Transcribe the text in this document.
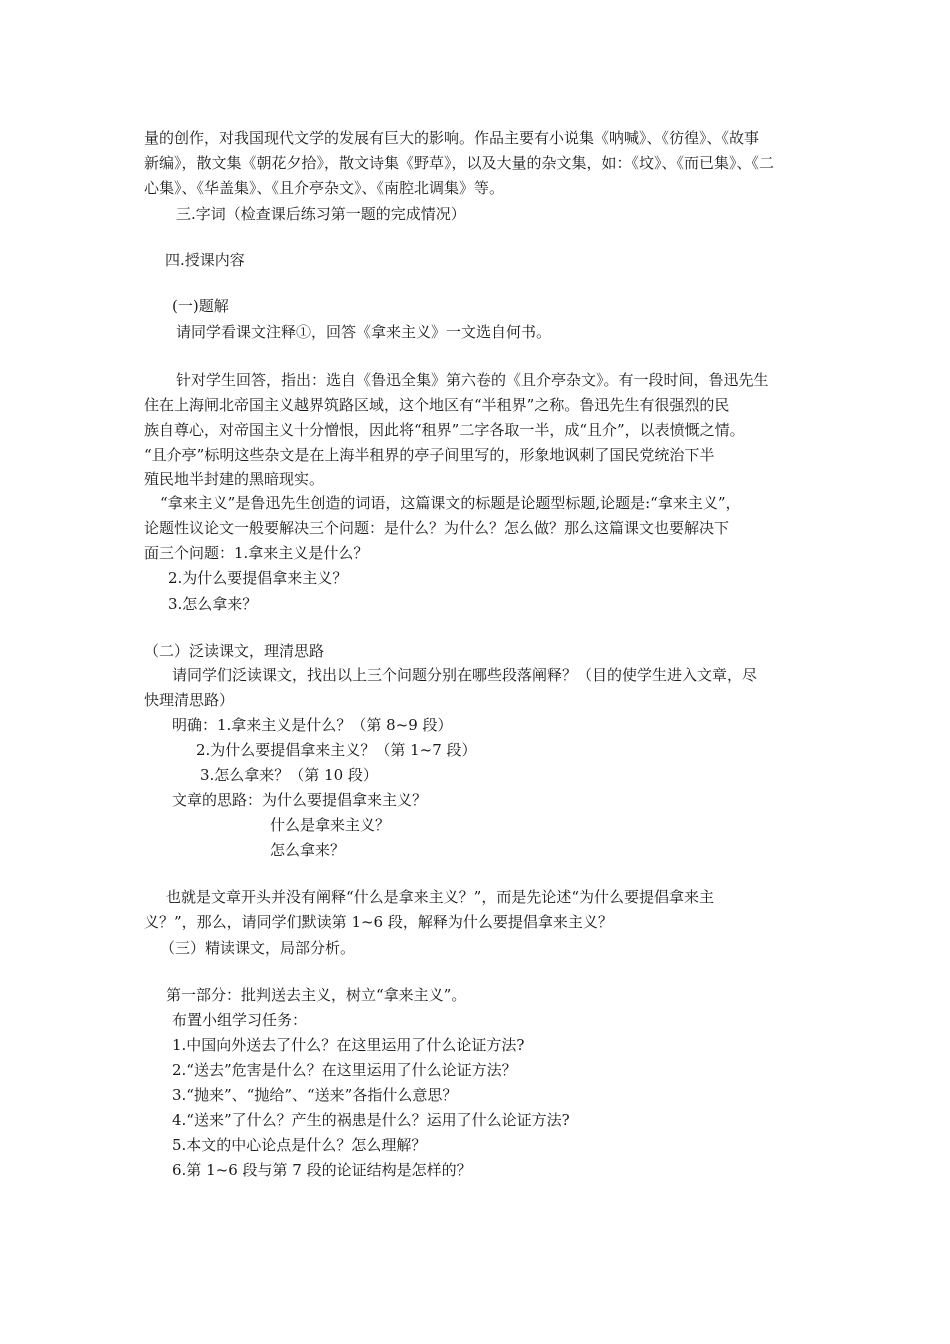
量的创作，对我国现代文学的发展有巨大的影响。作品主要有小说集《呐喊》、《彷徨》、《故事
新编》，散文集《朝花夕拾》，散文诗集《野草》，以及大量的杂文集，如：《坟》、《而已集》、《二
心集》、《华盖集》、《且介亭杂文》、《南腔北调集》等。
三.字词（检查课后练习第一题的完成情况）
四.授课内容
(一)题解
请同学看课文注释①，回答《拿来主义》一文选自何书。
针对学生回答，指出：选自《鲁迅全集》第六卷的《且介亭杂文》。有一段时间，鲁迅先生
住在上海闸北帝国主义越界筑路区域，这个地区有“半租界”之称。鲁迅先生有很强烈的民
族自尊心，对帝国主义十分憎恨，因此将“租界”二字各取一半，成“且介”，以表愤慨之情。
“且介亭”标明这些杂文是在上海半租界的亭子间里写的，形象地讽刺了国民党统治下半
殖民地半封建的黑暗现实。
“拿来主义”是鲁迅先生创造的词语，这篇课文的标题是论题型标题,论题是:“拿来主义”，
论题性议论文一般要解决三个问题：是什么？为什么？怎么做？那么这篇课文也要解决下
面三个问题：1.拿来主义是什么？
2.为什么要提倡拿来主义？
3.怎么拿来？
（二）泛读课文，理清思路
请同学们泛读课文，找出以上三个问题分别在哪些段落阐释？（目的使学生进入文章，尽
快理清思路）
明确：1.拿来主义是什么？（第 8~9 段）
2.为什么要提倡拿来主义？（第 1~7 段）
3.怎么拿来？（第 10 段）
文章的思路：为什么要提倡拿来主义？
什么是拿来主义？
怎么拿来？
也就是文章开头并没有阐释“什么是拿来主义？”，而是先论述“为什么要提倡拿来主
义？”，那么，请同学们默读第 1~6 段，解释为什么要提倡拿来主义？
（三）精读课文，局部分析。
第一部分：批判送去主义，树立“拿来主义”。
布置小组学习任务：
1.中国向外送去了什么？在这里运用了什么论证方法?
2.“送去”危害是什么？在这里运用了什么论证方法？
3.“抛来”、“抛给”、“送来”各指什么意思？
4.“送来”了什么？产生的祸患是什么？运用了什么论证方法?
5.本文的中心论点是什么？怎么理解？
6.第 1~6 段与第 7 段的论证结构是怎样的？
